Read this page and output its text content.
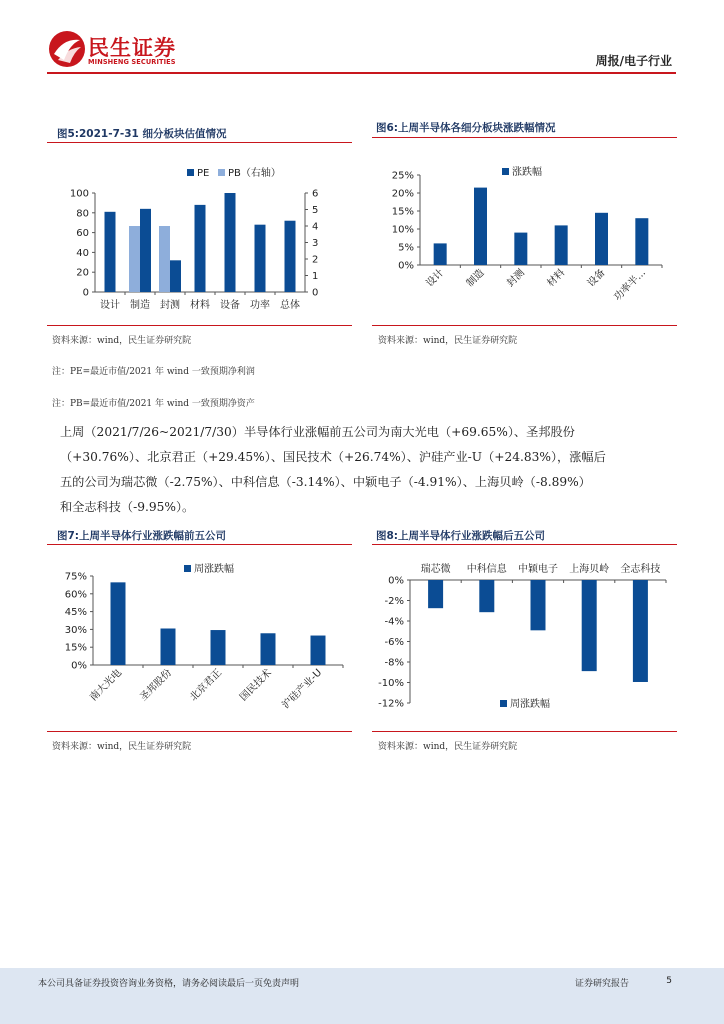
民生证券
MINSHENG SECURITIES	周报/电子行业
图5:2021-7-31 细分板块估值情况
PE PB（右轴）
0
20
40
60
80
100
0
1
2
3
4
5
6
设计 制造 封测 材料 设备 功率 总体
资料来源：wind，民生证券研究院
图6:上周半导体各细分板块涨跌幅情况
涨跌幅
0%
5%
10%
15%
20%
25%
设计 制造 封测 材料 设备 功率半...
资料来源：wind，民生证券研究院
注：PE=最近市值/2021 年 wind 一致预期净利润
注：PB=最近市值/2021 年 wind 一致预期净资产
上周（2021/7/26~2021/7/30）半导体行业涨幅前五公司为南大光电（+69.65%）、圣邦股份
（+30.76%）、北京君正（+29.45%）、国民技术（+26.74%）、沪硅产业-U（+24.83%），涨幅后
五的公司为瑞芯微（-2.75%）、中科信息（-3.14%）、中颖电子（-4.91%）、上海贝岭（-8.89%）
和全志科技（-9.95%）。
图7:上周半导体行业涨跌幅前五公司
周涨跌幅
0%
15%
30%
45%
60%
75%
南大光电 圣邦股份 北京君正 国民技术 沪硅产业-U
资料来源：wind，民生证券研究院
图8:上周半导体行业涨跌幅后五公司
周涨跌幅
0%
-2%
-4%
-6%
-8%
-10%
-12%
瑞芯微 中科信息 中颖电子 上海贝岭 全志科技
资料来源：wind，民生证券研究院
本公司具备证券投资咨询业务资格，请务必阅读最后一页免责声明	证券研究报告	5
